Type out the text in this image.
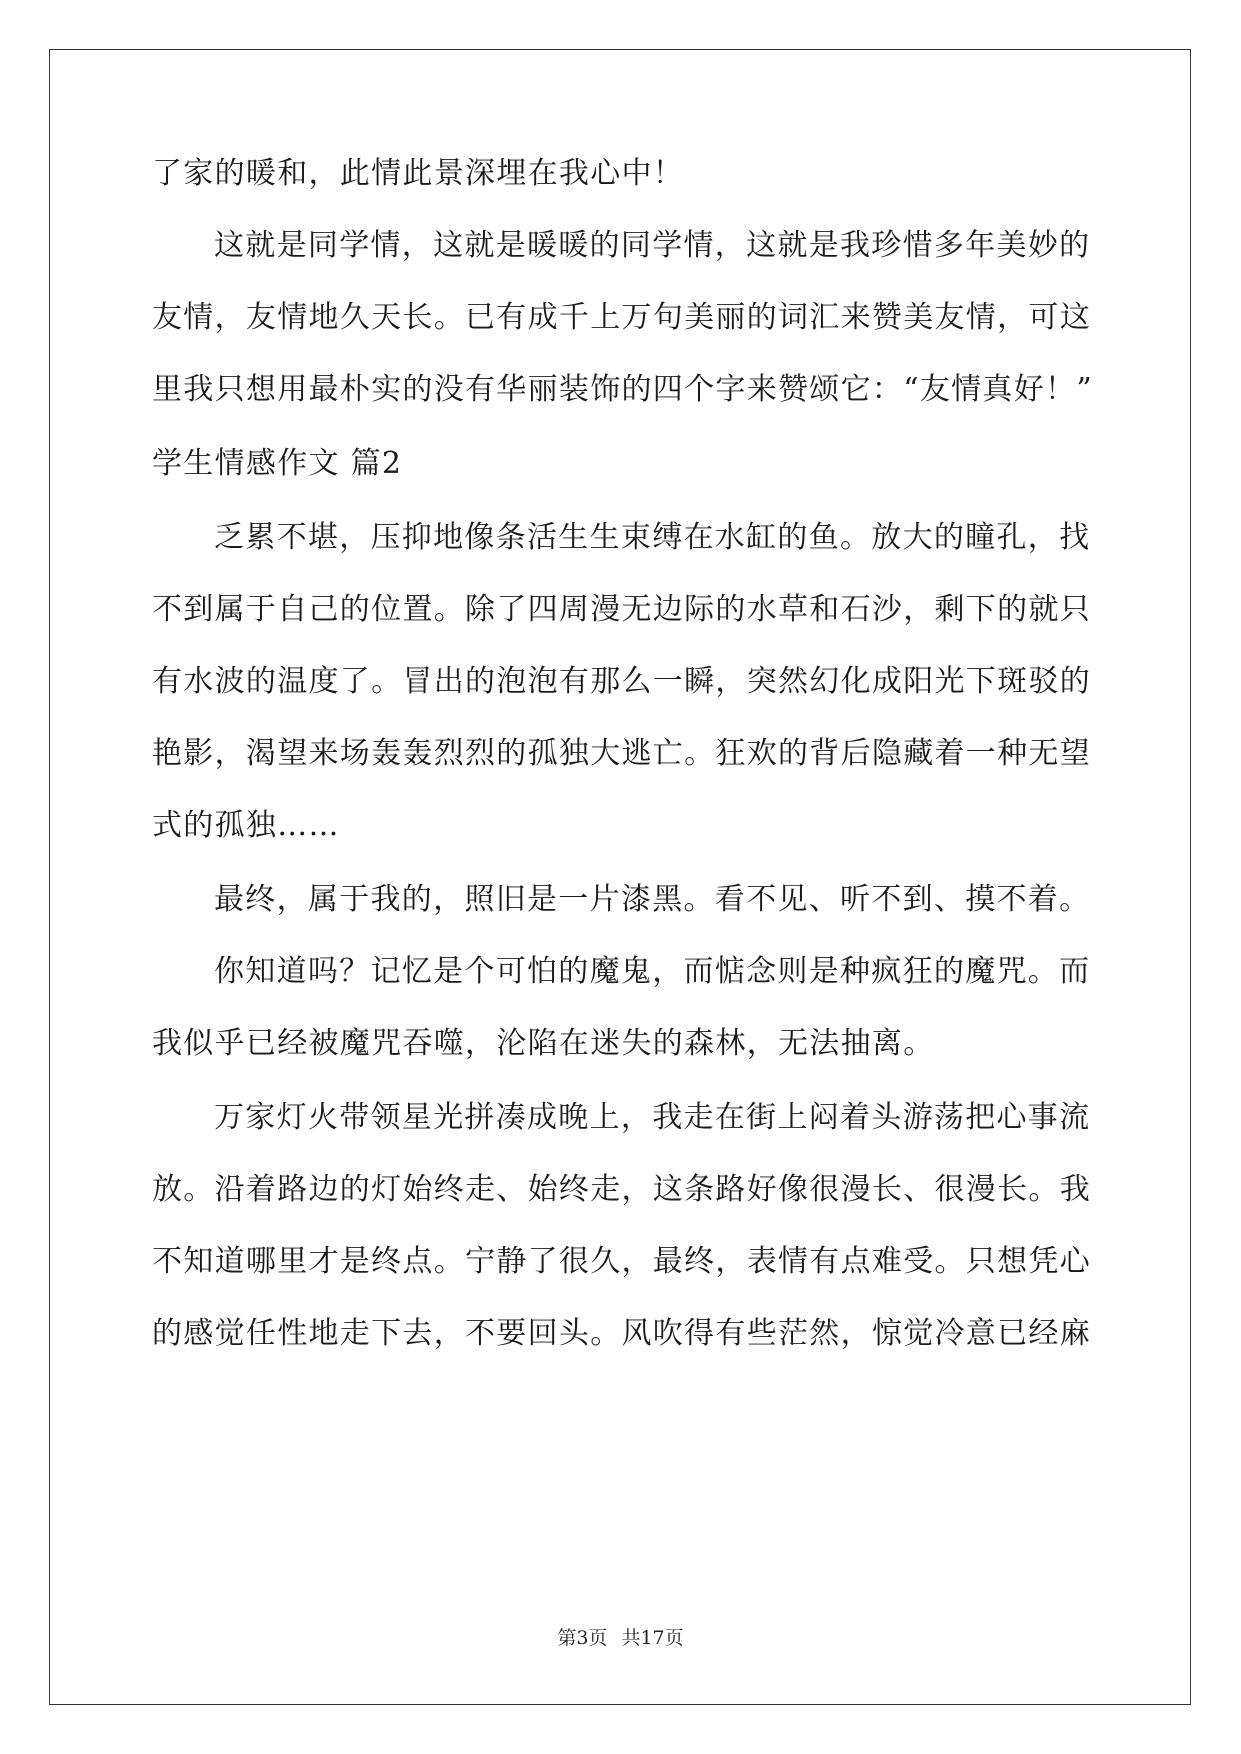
了家的暖和，此情此景深埋在我心中！
这就是同学情，这就是暖暖的同学情，这就是我珍惜多年美妙的
友情，友情地久天长。已有成千上万句美丽的词汇来赞美友情，可这
里我只想用最朴实的没有华丽装饰的四个字来赞颂它：“友情真好！”
学生情感作文 篇2
乏累不堪，压抑地像条活生生束缚在水缸的鱼。放大的瞳孔，找
不到属于自己的位置。除了四周漫无边际的水草和石沙，剩下的就只
有水波的温度了。冒出的泡泡有那么一瞬，突然幻化成阳光下斑驳的
艳影，渴望来场轰轰烈烈的孤独大逃亡。狂欢的背后隐藏着一种无望
式的孤独……
最终，属于我的，照旧是一片漆黑。看不见、听不到、摸不着。
你知道吗？记忆是个可怕的魔鬼，而惦念则是种疯狂的魔咒。而
我似乎已经被魔咒吞噬，沦陷在迷失的森林，无法抽离。
万家灯火带领星光拼凑成晚上，我走在街上闷着头游荡把心事流
放。沿着路边的灯始终走、始终走，这条路好像很漫长、很漫长。我
不知道哪里才是终点。宁静了很久，最终，表情有点难受。只想凭心
的感觉任性地走下去，不要回头。风吹得有些茫然，惊觉冷意已经麻
第3页 共17页
